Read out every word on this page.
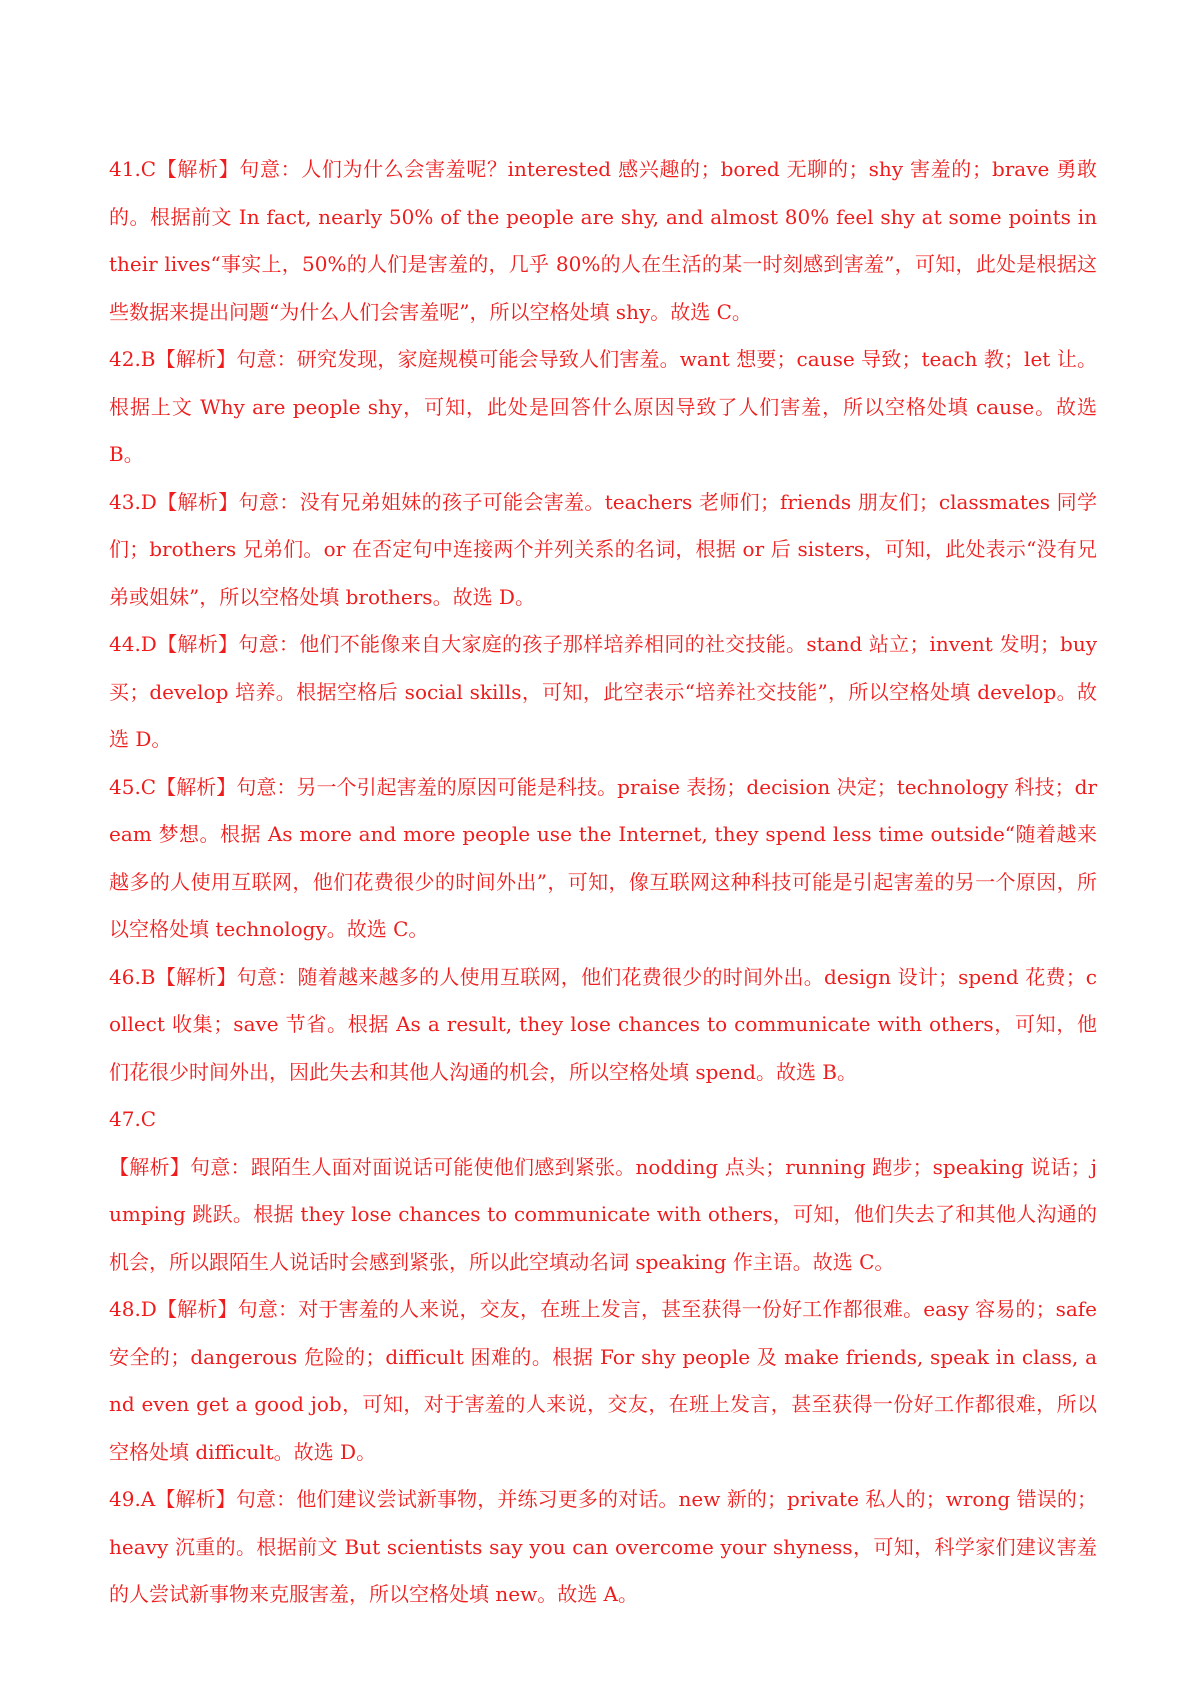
41.C【解析】句意：人们为什么会害羞呢？interested 感兴趣的；bored 无聊的；shy 害羞的；brave 勇敢的。根据前文 In fact, nearly 50% of the people are shy, and almost 80% feel shy at some points in their lives“事实上，50%的人们是害羞的，几乎 80%的人在生活的某一时刻感到害羞”，可知，此处是根据这些数据来提出问题“为什么人们会害羞呢”，所以空格处填 shy。故选 C。

42.B【解析】句意：研究发现，家庭规模可能会导致人们害羞。want 想要；cause 导致；teach 教；let 让。根据上文 Why are people shy，可知，此处是回答什么原因导致了人们害羞，所以空格处填 cause。故选 B。

43.D【解析】句意：没有兄弟姐妹的孩子可能会害羞。teachers 老师们；friends 朋友们；classmates 同学们；brothers 兄弟们。or 在否定句中连接两个并列关系的名词，根据 or 后 sisters，可知，此处表示“没有兄弟或姐妹”，所以空格处填 brothers。故选 D。

44.D【解析】句意：他们不能像来自大家庭的孩子那样培养相同的社交技能。stand 站立；invent 发明；buy 买；develop 培养。根据空格后 social skills，可知，此空表示“培养社交技能”，所以空格处填 develop。故选 D。

45.C【解析】句意：另一个引起害羞的原因可能是科技。praise 表扬；decision 决定；technology 科技；dream 梦想。根据 As more and more people use the Internet, they spend less time outside“随着越来越多的人使用互联网，他们花费很少的时间外出”，可知，像互联网这种科技可能是引起害羞的另一个原因，所以空格处填 technology。故选 C。

46.B【解析】句意：随着越来越多的人使用互联网，他们花费很少的时间外出。design 设计；spend 花费；collect 收集；save 节省。根据 As a result, they lose chances to communicate with others，可知，他们花很少时间外出，因此失去和其他人沟通的机会，所以空格处填 spend。故选 B。

47.C

【解析】句意：跟陌生人面对面说话可能使他们感到紧张。nodding 点头；running 跑步；speaking 说话；jumping 跳跃。根据 they lose chances to communicate with others，可知，他们失去了和其他人沟通的机会，所以跟陌生人说话时会感到紧张，所以此空填动名词 speaking 作主语。故选 C。

48.D【解析】句意：对于害羞的人来说，交友，在班上发言，甚至获得一份好工作都很难。easy 容易的；safe 安全的；dangerous 危险的；difficult 困难的。根据 For shy people 及 make friends, speak in class, and even get a good job，可知，对于害羞的人来说，交友，在班上发言，甚至获得一份好工作都很难，所以空格处填 difficult。故选 D。

49.A【解析】句意：他们建议尝试新事物，并练习更多的对话。new 新的；private 私人的；wrong 错误的；heavy 沉重的。根据前文 But scientists say you can overcome your shyness，可知，科学家们建议害羞的人尝试新事物来克服害羞，所以空格处填 new。故选 A。
